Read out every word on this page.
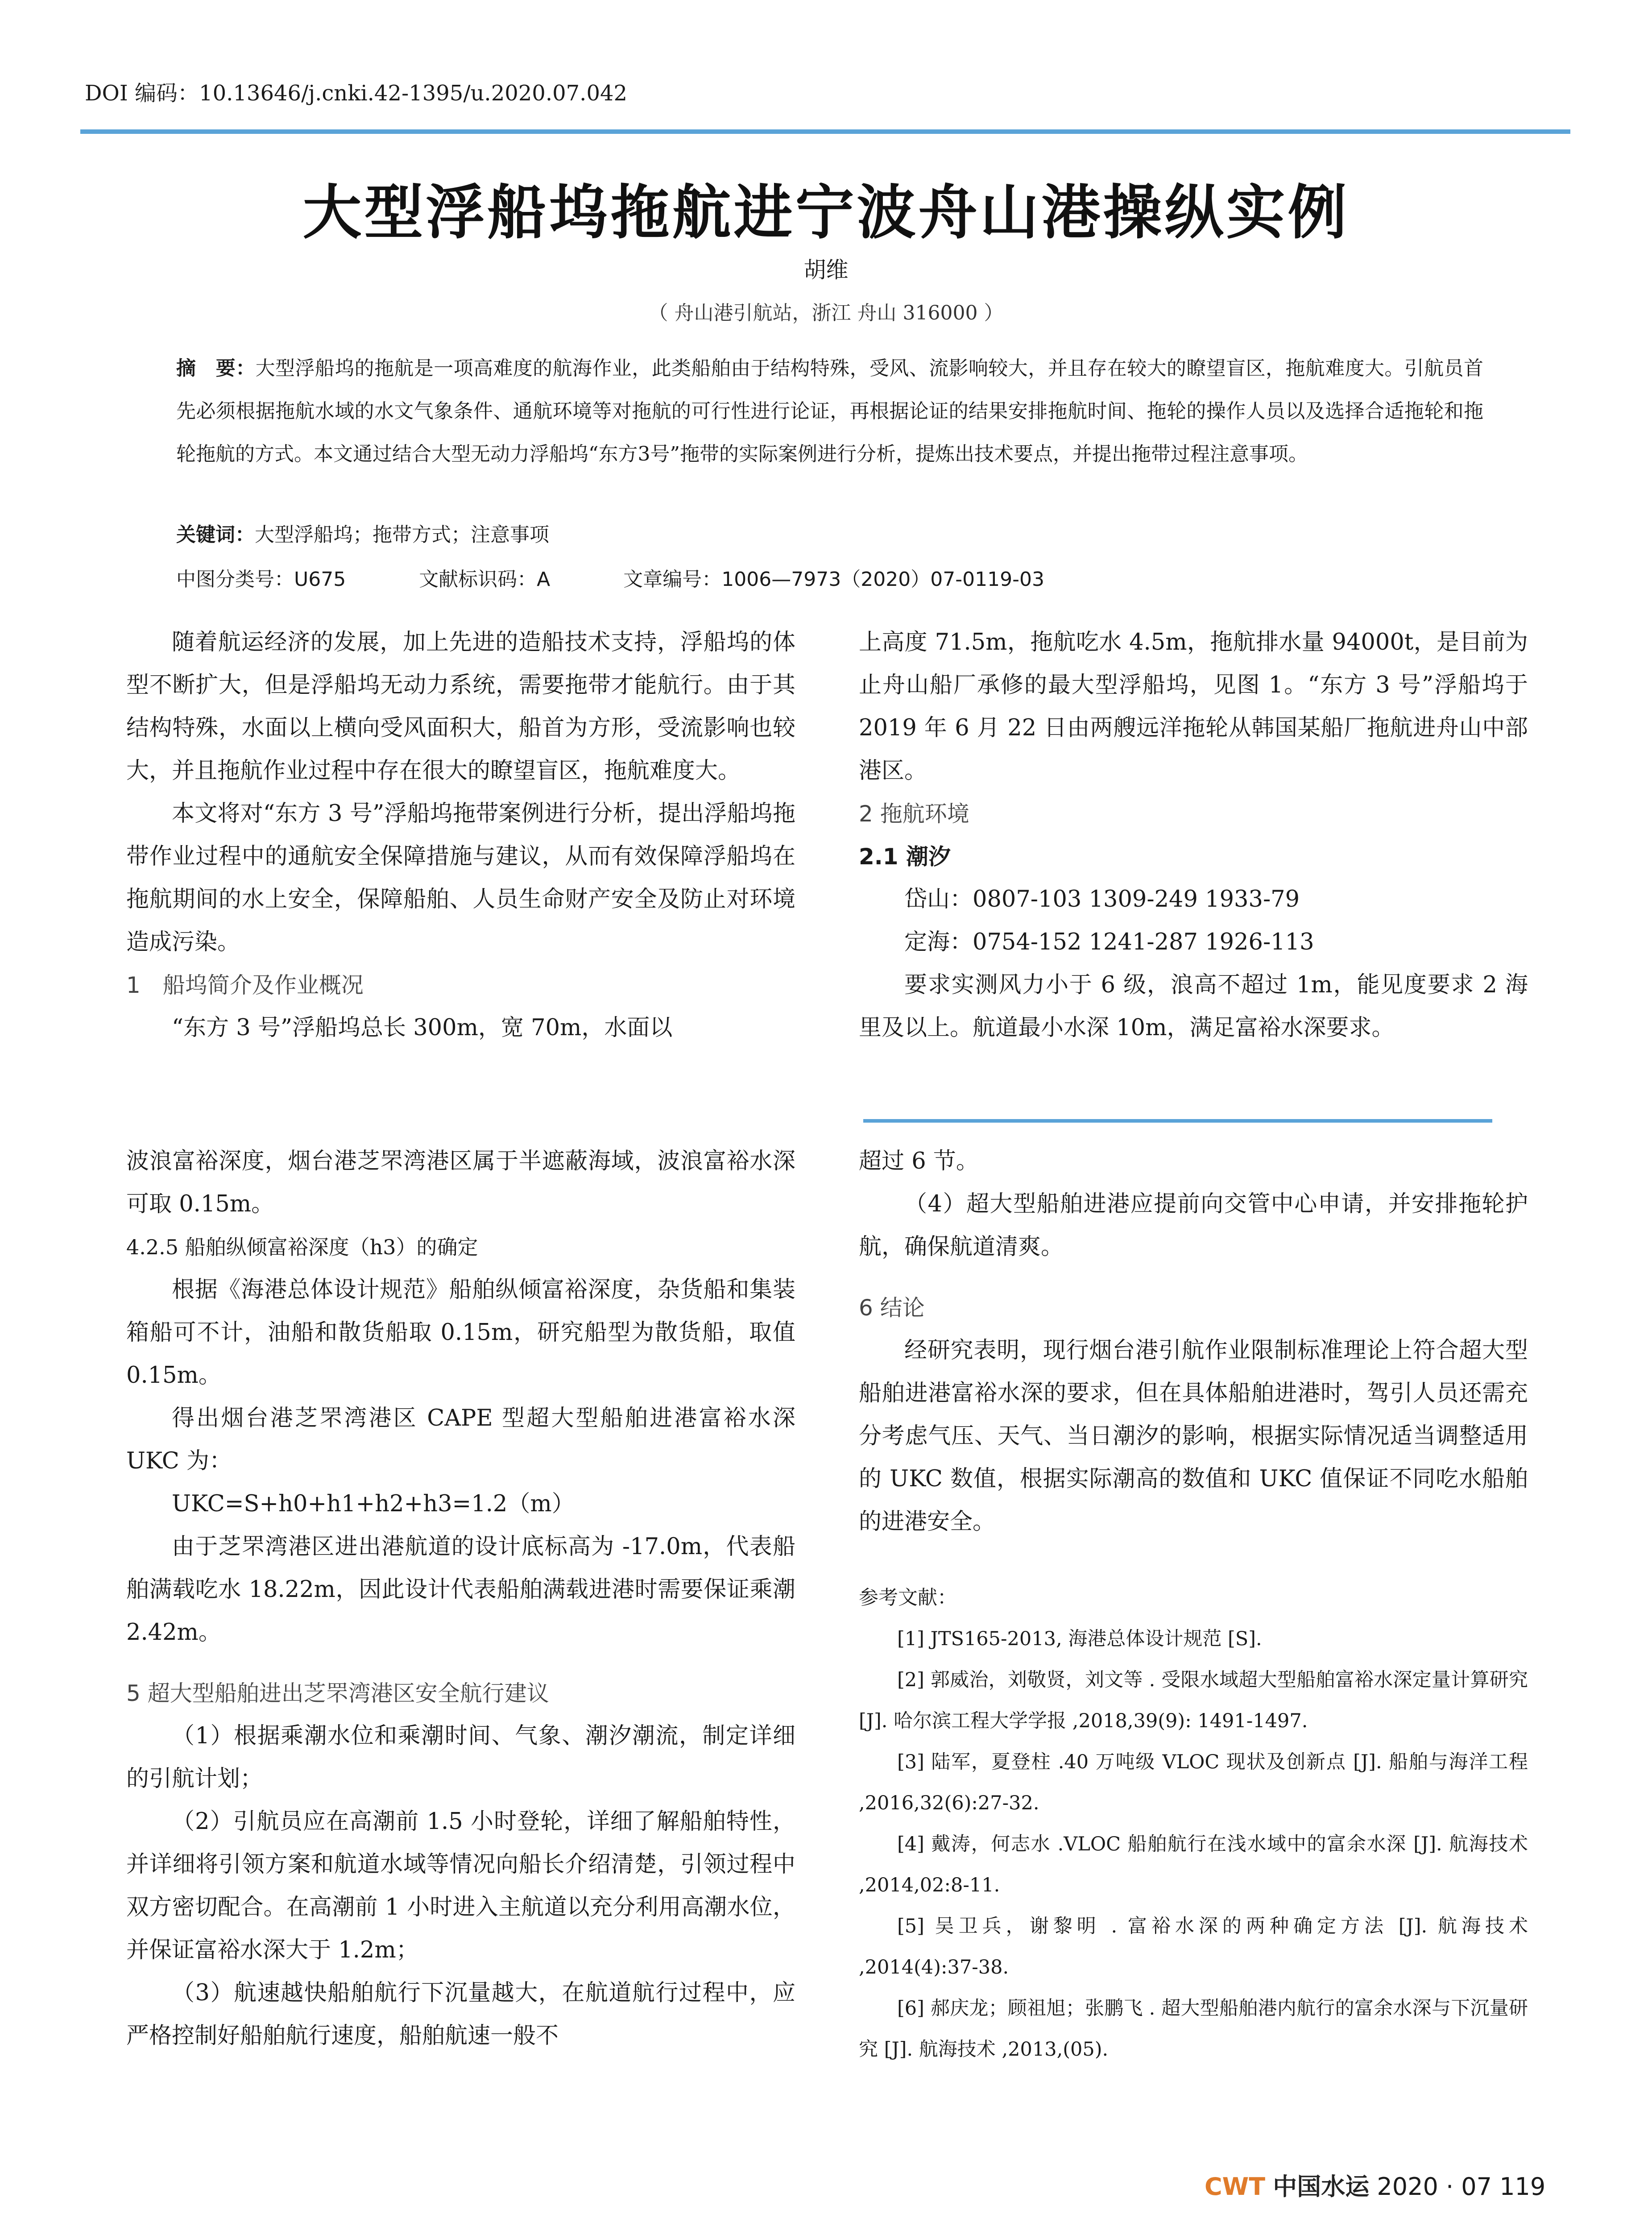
DOI 编码：10.13646/j.cnki.42-1395/u.2020.07.042
大型浮船坞拖航进宁波舟山港操纵实例
胡维
（ 舟山港引航站，浙江 舟山 316000 ）
摘　要：大型浮船坞的拖航是一项高难度的航海作业，此类船舶由于结构特殊，受风、流影响较大，并且存在较大的瞭望盲区，拖航难度大。引航员首先必须根据拖航水域的水文气象条件、通航环境等对拖航的可行性进行论证，再根据论证的结果安排拖航时间、拖轮的操作人员以及选择合适拖轮和拖轮拖航的方式。本文通过结合大型无动力浮船坞“东方3号”拖带的实际案例进行分析，提炼出技术要点，并提出拖带过程注意事项。
关键词：大型浮船坞；拖带方式；注意事项
中图分类号：U675	文献标识码：A	文章编号：1006—7973（2020）07-0119-03

随着航运经济的发展，加上先进的造船技术支持，浮船坞的体型不断扩大，但是浮船坞无动力系统，需要拖带才能航行。由于其结构特殊，水面以上横向受风面积大，船首为方形，受流影响也较大，并且拖航作业过程中存在很大的瞭望盲区，拖航难度大。

本文将对“东方 3 号”浮船坞拖带案例进行分析，提出浮船坞拖带作业过程中的通航安全保障措施与建议，从而有效保障浮船坞在拖航期间的水上安全，保障船舶、人员生命财产安全及防止对环境造成污染。

1　船坞简介及作业概况

“东方 3 号”浮船坞总长 300m，宽 70m，水面以

上高度 71.5m，拖航吃水 4.5m，拖航排水量 94000t，是目前为止舟山船厂承修的最大型浮船坞，见图 1。“东方 3 号”浮船坞于 2019 年 6 月 22 日由两艘远洋拖轮从韩国某船厂拖航进舟山中部港区。

2 拖航环境

2.1 潮汐

岱山：0807-103 1309-249 1933-79

定海：0754-152 1241-287 1926-113

要求实测风力小于 6 级，浪高不超过 1m，能见度要求 2 海里及以上。航道最小水深 10m，满足富裕水深要求。

波浪富裕深度，烟台港芝罘湾港区属于半遮蔽海域，波浪富裕水深可取 0.15m。

4.2.5 船舶纵倾富裕深度（h3）的确定

根据《海港总体设计规范》船舶纵倾富裕深度，杂货船和集装箱船可不计，油船和散货船取 0.15m，研究船型为散货船，取值 0.15m。

得出烟台港芝罘湾港区 CAPE 型超大型船舶进港富裕水深 UKC 为：

UKC=S+h0+h1+h2+h3=1.2（m）

由于芝罘湾港区进出港航道的设计底标高为 -17.0m，代表船舶满载吃水 18.22m，因此设计代表船舶满载进港时需要保证乘潮 2.42m。

5 超大型船舶进出芝罘湾港区安全航行建议

（1）根据乘潮水位和乘潮时间、气象、潮汐潮流，制定详细的引航计划；

（2）引航员应在高潮前 1.5 小时登轮，详细了解船舶特性，并详细将引领方案和航道水域等情况向船长介绍清楚，引领过程中双方密切配合。在高潮前 1 小时进入主航道以充分利用高潮水位，并保证富裕水深大于 1.2m；

（3）航速越快船舶航行下沉量越大，在航道航行过程中，应严格控制好船舶航行速度，船舶航速一般不

超过 6 节。

（4）超大型船舶进港应提前向交管中心申请，并安排拖轮护航，确保航道清爽。

6 结论

经研究表明，现行烟台港引航作业限制标准理论上符合超大型船舶进港富裕水深的要求，但在具体船舶进港时，驾引人员还需充分考虑气压、天气、当日潮汐的影响，根据实际情况适当调整适用的 UKC 数值，根据实际潮高的数值和 UKC 值保证不同吃水船舶的进港安全。

参考文献：

[1] JTS165-2013, 海港总体设计规范 [S].

[2] 郭威治，刘敬贤，刘文等 . 受限水域超大型船舶富裕水深定量计算研究 [J]. 哈尔滨工程大学学报 ,2018,39(9): 1491-1497.

[3] 陆军，夏登柱 .40 万吨级 VLOC 现状及创新点 [J]. 船舶与海洋工程 ,2016,32(6):27-32.

[4] 戴涛，何志水 .VLOC 船舶航行在浅水域中的富余水深 [J]. 航海技术 ,2014,02:8-11.

[5] 吴卫兵，谢黎明 . 富裕水深的两种确定方法 [J]. 航海技术 ,2014(4):37-38.

[6] 郝庆龙；顾祖旭；张鹏飞 . 超大型船舶港内航行的富余水深与下沉量研究 [J]. 航海技术 ,2013,(05).

CWT 中国水运 2020 · 07 119
